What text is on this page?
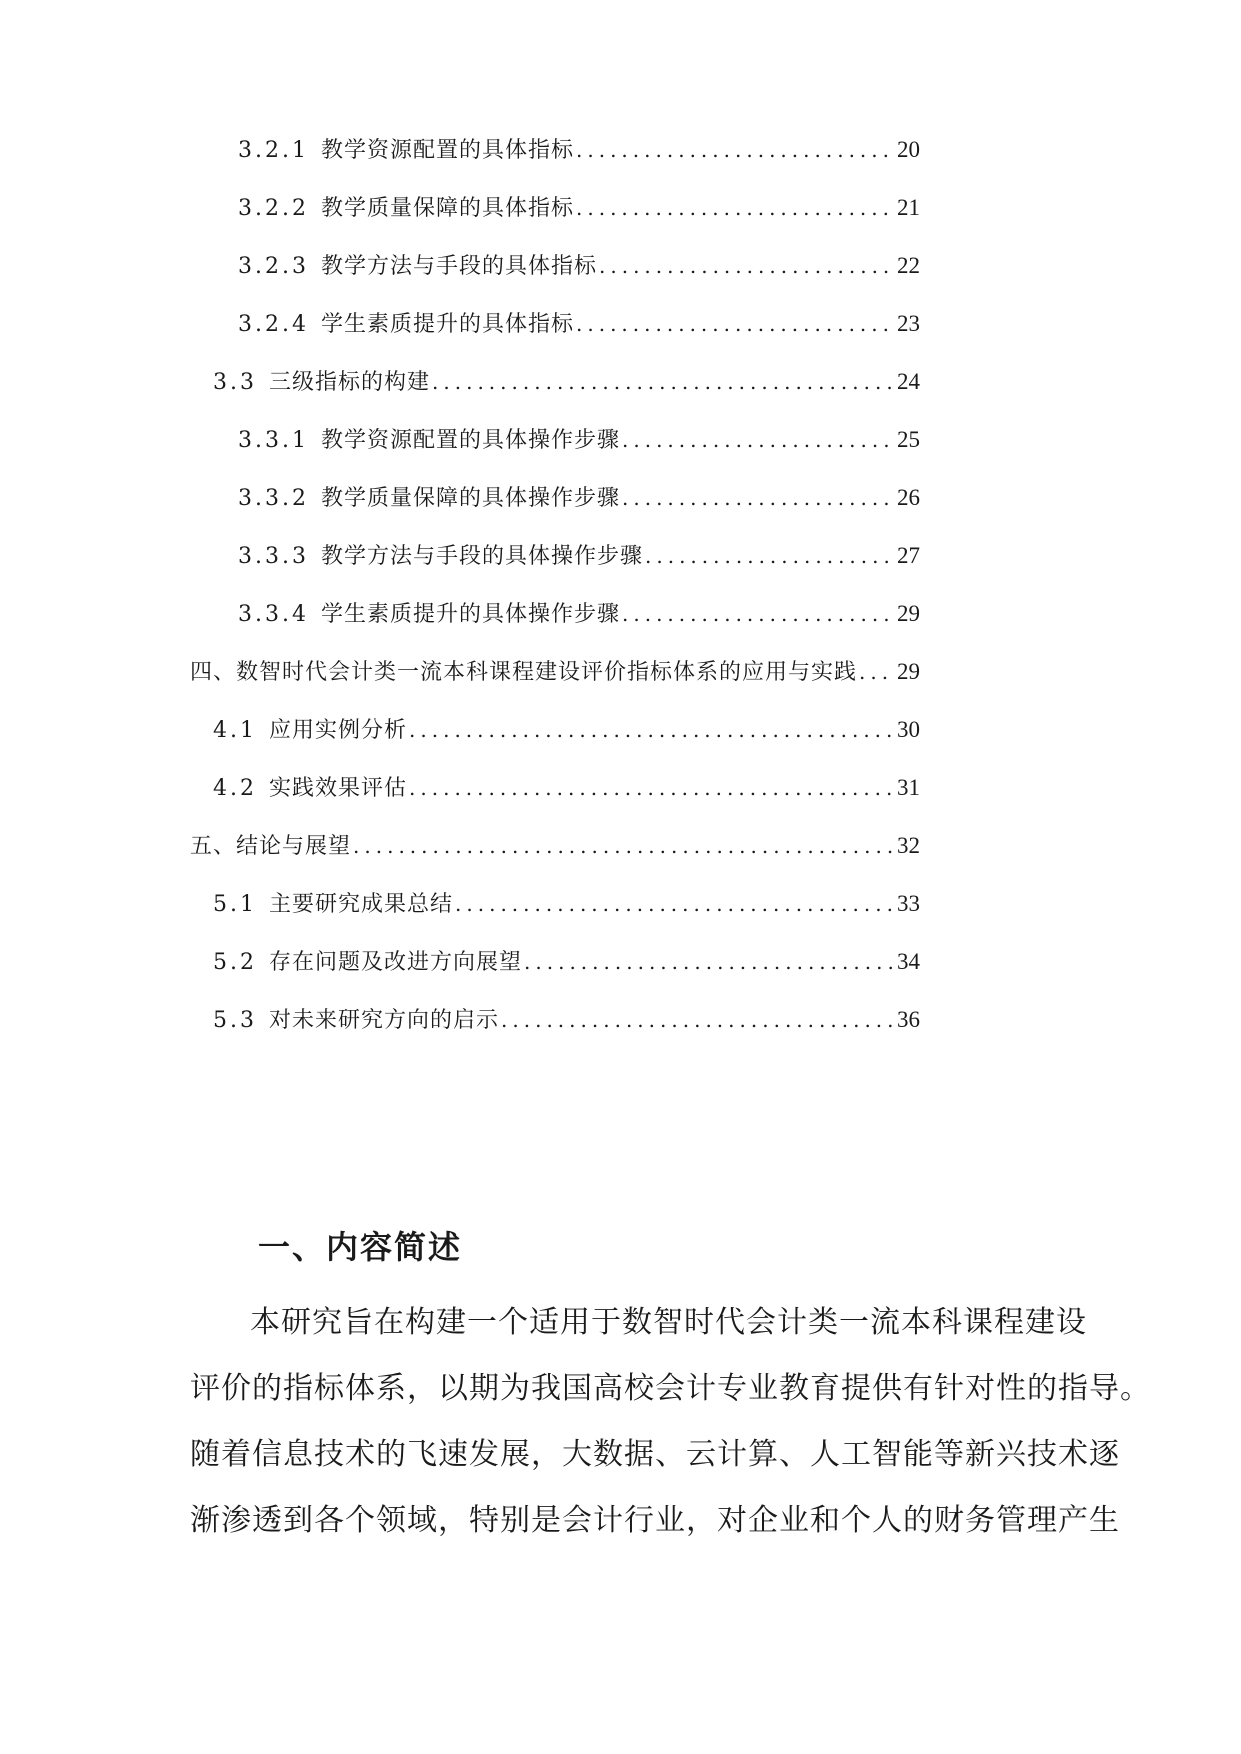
3.2.1 教学资源配置的具体指标 .....	20
3.2.2 教学质量保障的具体指标 .....	21
3.2.3 教学方法与手段的具体指标 .....	22
3.2.4 学生素质提升的具体指标 .....	23
3.3 三级指标的构建 .....	24
3.3.1 教学资源配置的具体操作步骤 .....	25
3.3.2 教学质量保障的具体操作步骤 .....	26
3.3.3 教学方法与手段的具体操作步骤 .....	27
3.3.4 学生素质提升的具体操作步骤 .....	29
四、数智时代会计类一流本科课程建设评价指标体系的应用与实践 ..... 29
4.1 应用实例分析 .....	30
4.2 实践效果评估 .....	31
五、结论与展望 .....	32
5.1 主要研究成果总结 .....	33
5.2 存在问题及改进方向展望 .....	34
5.3 对未来研究方向的启示 .....	36
一、内容简述

本研究旨在构建一个适用于数智时代会计类一流本科课程建设

评价的指标体系，以期为我国高校会计专业教育提供有针对性的指导。

随着信息技术的飞速发展，大数据、云计算、人工智能等新兴技术逐

渐渗透到各个领域，特别是会计行业，对企业和个人的财务管理产生
